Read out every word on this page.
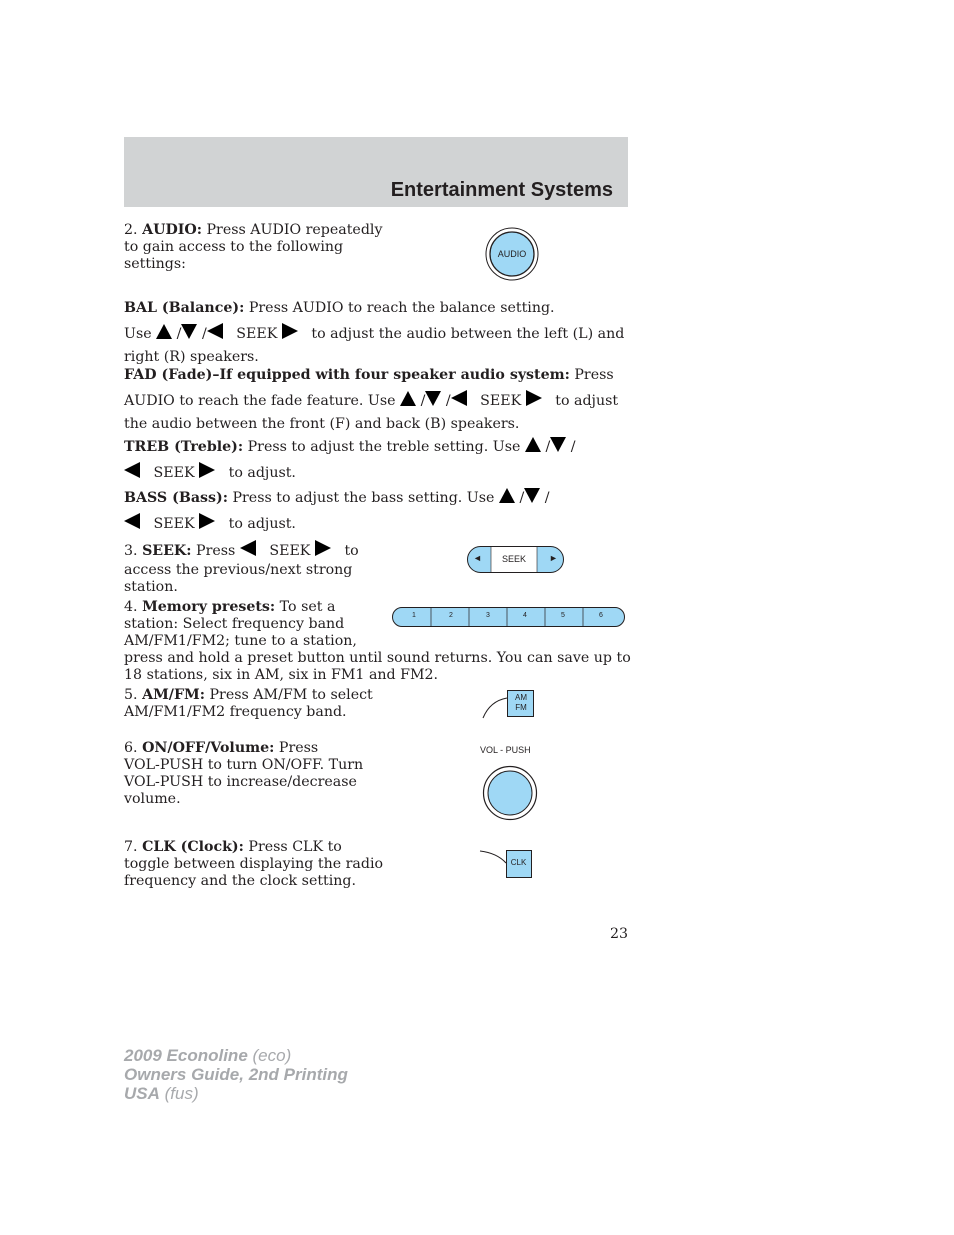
Entertainment Systems
2. AUDIO: Press AUDIO repeatedly
to gain access to the following
settings:
AUDIO
BAL (Balance): Press AUDIO to reach the balance setting.
Use / / SEEK to adjust the audio between the left (L) and
right (R) speakers.
FAD (Fade)–If equipped with four speaker audio system: Press
AUDIO to reach the fade feature. Use / / SEEK to adjust
the audio between the front (F) and back (B) speakers.
TREB (Treble): Press to adjust the treble setting. Use / /
SEEK to adjust.
BASS (Bass): Press to adjust the bass setting. Use / /
SEEK to adjust.
3. SEEK: Press SEEK to
access the previous/next strong
station.
◄	SEEK	►
4. Memory presets: To set a
station: Select frequency band
AM/FM1/FM2; tune to a station,
press and hold a preset button until sound returns. You can save up to
18 stations, six in AM, six in FM1 and FM2.
1	2	3	4	5	6
5. AM/FM: Press AM/FM to select
AM/FM1/FM2 frequency band.
AM
FM
6. ON/OFF/Volume: Press
VOL-PUSH to turn ON/OFF. Turn
VOL-PUSH to increase/decrease
volume.
VOL - PUSH
7. CLK (Clock): Press CLK to
toggle between displaying the radio
frequency and the clock setting.
CLK
23
2009 Econoline (eco)
Owners Guide, 2nd Printing
USA (fus)
